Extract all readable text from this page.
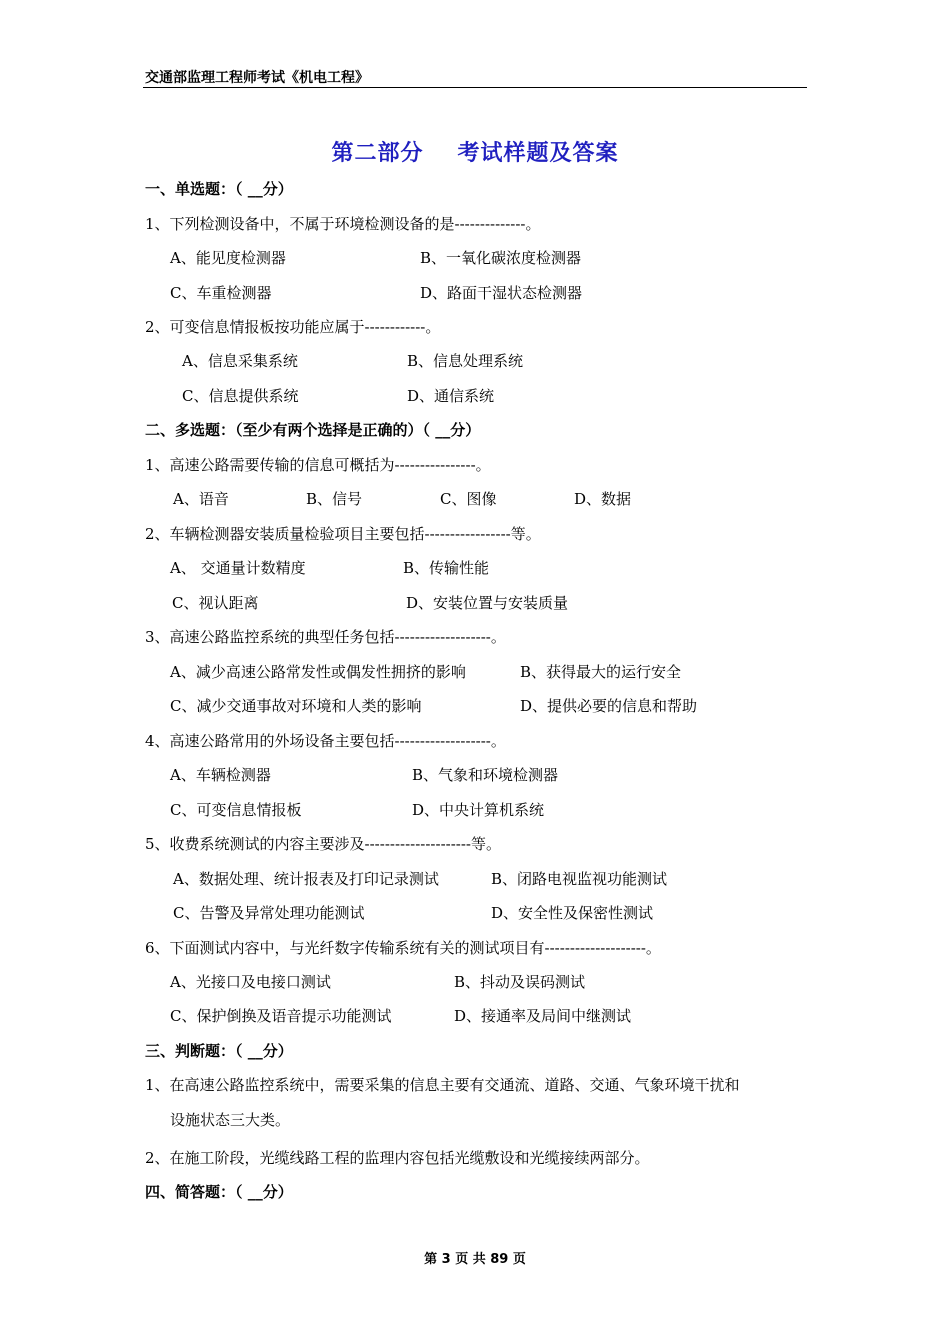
交通部监理工程师考试《机电工程》
第二部分 考试样题及答案
一、单选题：（ __分）
1、下列检测设备中，不属于环境检测设备的是--------------。
A、能见度检测器	B、一氧化碳浓度检测器
C、车重检测器	D、路面干湿状态检测器
2、可变信息情报板按功能应属于------------。
A、信息采集系统	B、信息处理系统
C、信息提供系统	D、通信系统
二、多选题：（至少有两个选择是正确的）（ __分）
1、高速公路需要传输的信息可概括为----------------。
A、语音	B、信号	C、图像	D、数据
2、车辆检测器安装质量检验项目主要包括-----------------等。
A、 交通量计数精度	B、传输性能
C、视认距离	D、安装位置与安装质量
3、高速公路监控系统的典型任务包括-------------------。
A、减少高速公路常发性或偶发性拥挤的影响	B、获得最大的运行安全
C、减少交通事故对环境和人类的影响	D、提供必要的信息和帮助
4、高速公路常用的外场设备主要包括-------------------。
A、车辆检测器	B、气象和环境检测器
C、可变信息情报板	D、中央计算机系统
5、收费系统测试的内容主要涉及---------------------等。
A、数据处理、统计报表及打印记录测试	B、闭路电视监视功能测试
C、告警及异常处理功能测试	D、安全性及保密性测试
6、下面测试内容中，与光纤数字传输系统有关的测试项目有--------------------。
A、光接口及电接口测试	B、抖动及误码测试
C、保护倒换及语音提示功能测试	D、接通率及局间中继测试
三、判断题：（ __分）
1、在高速公路监控系统中，需要采集的信息主要有交通流、道路、交通、气象环境干扰和
设施状态三大类。
2、在施工阶段，光缆线路工程的监理内容包括光缆敷设和光缆接续两部分。
四、简答题：（ __分）
第 3 页 共 89 页
